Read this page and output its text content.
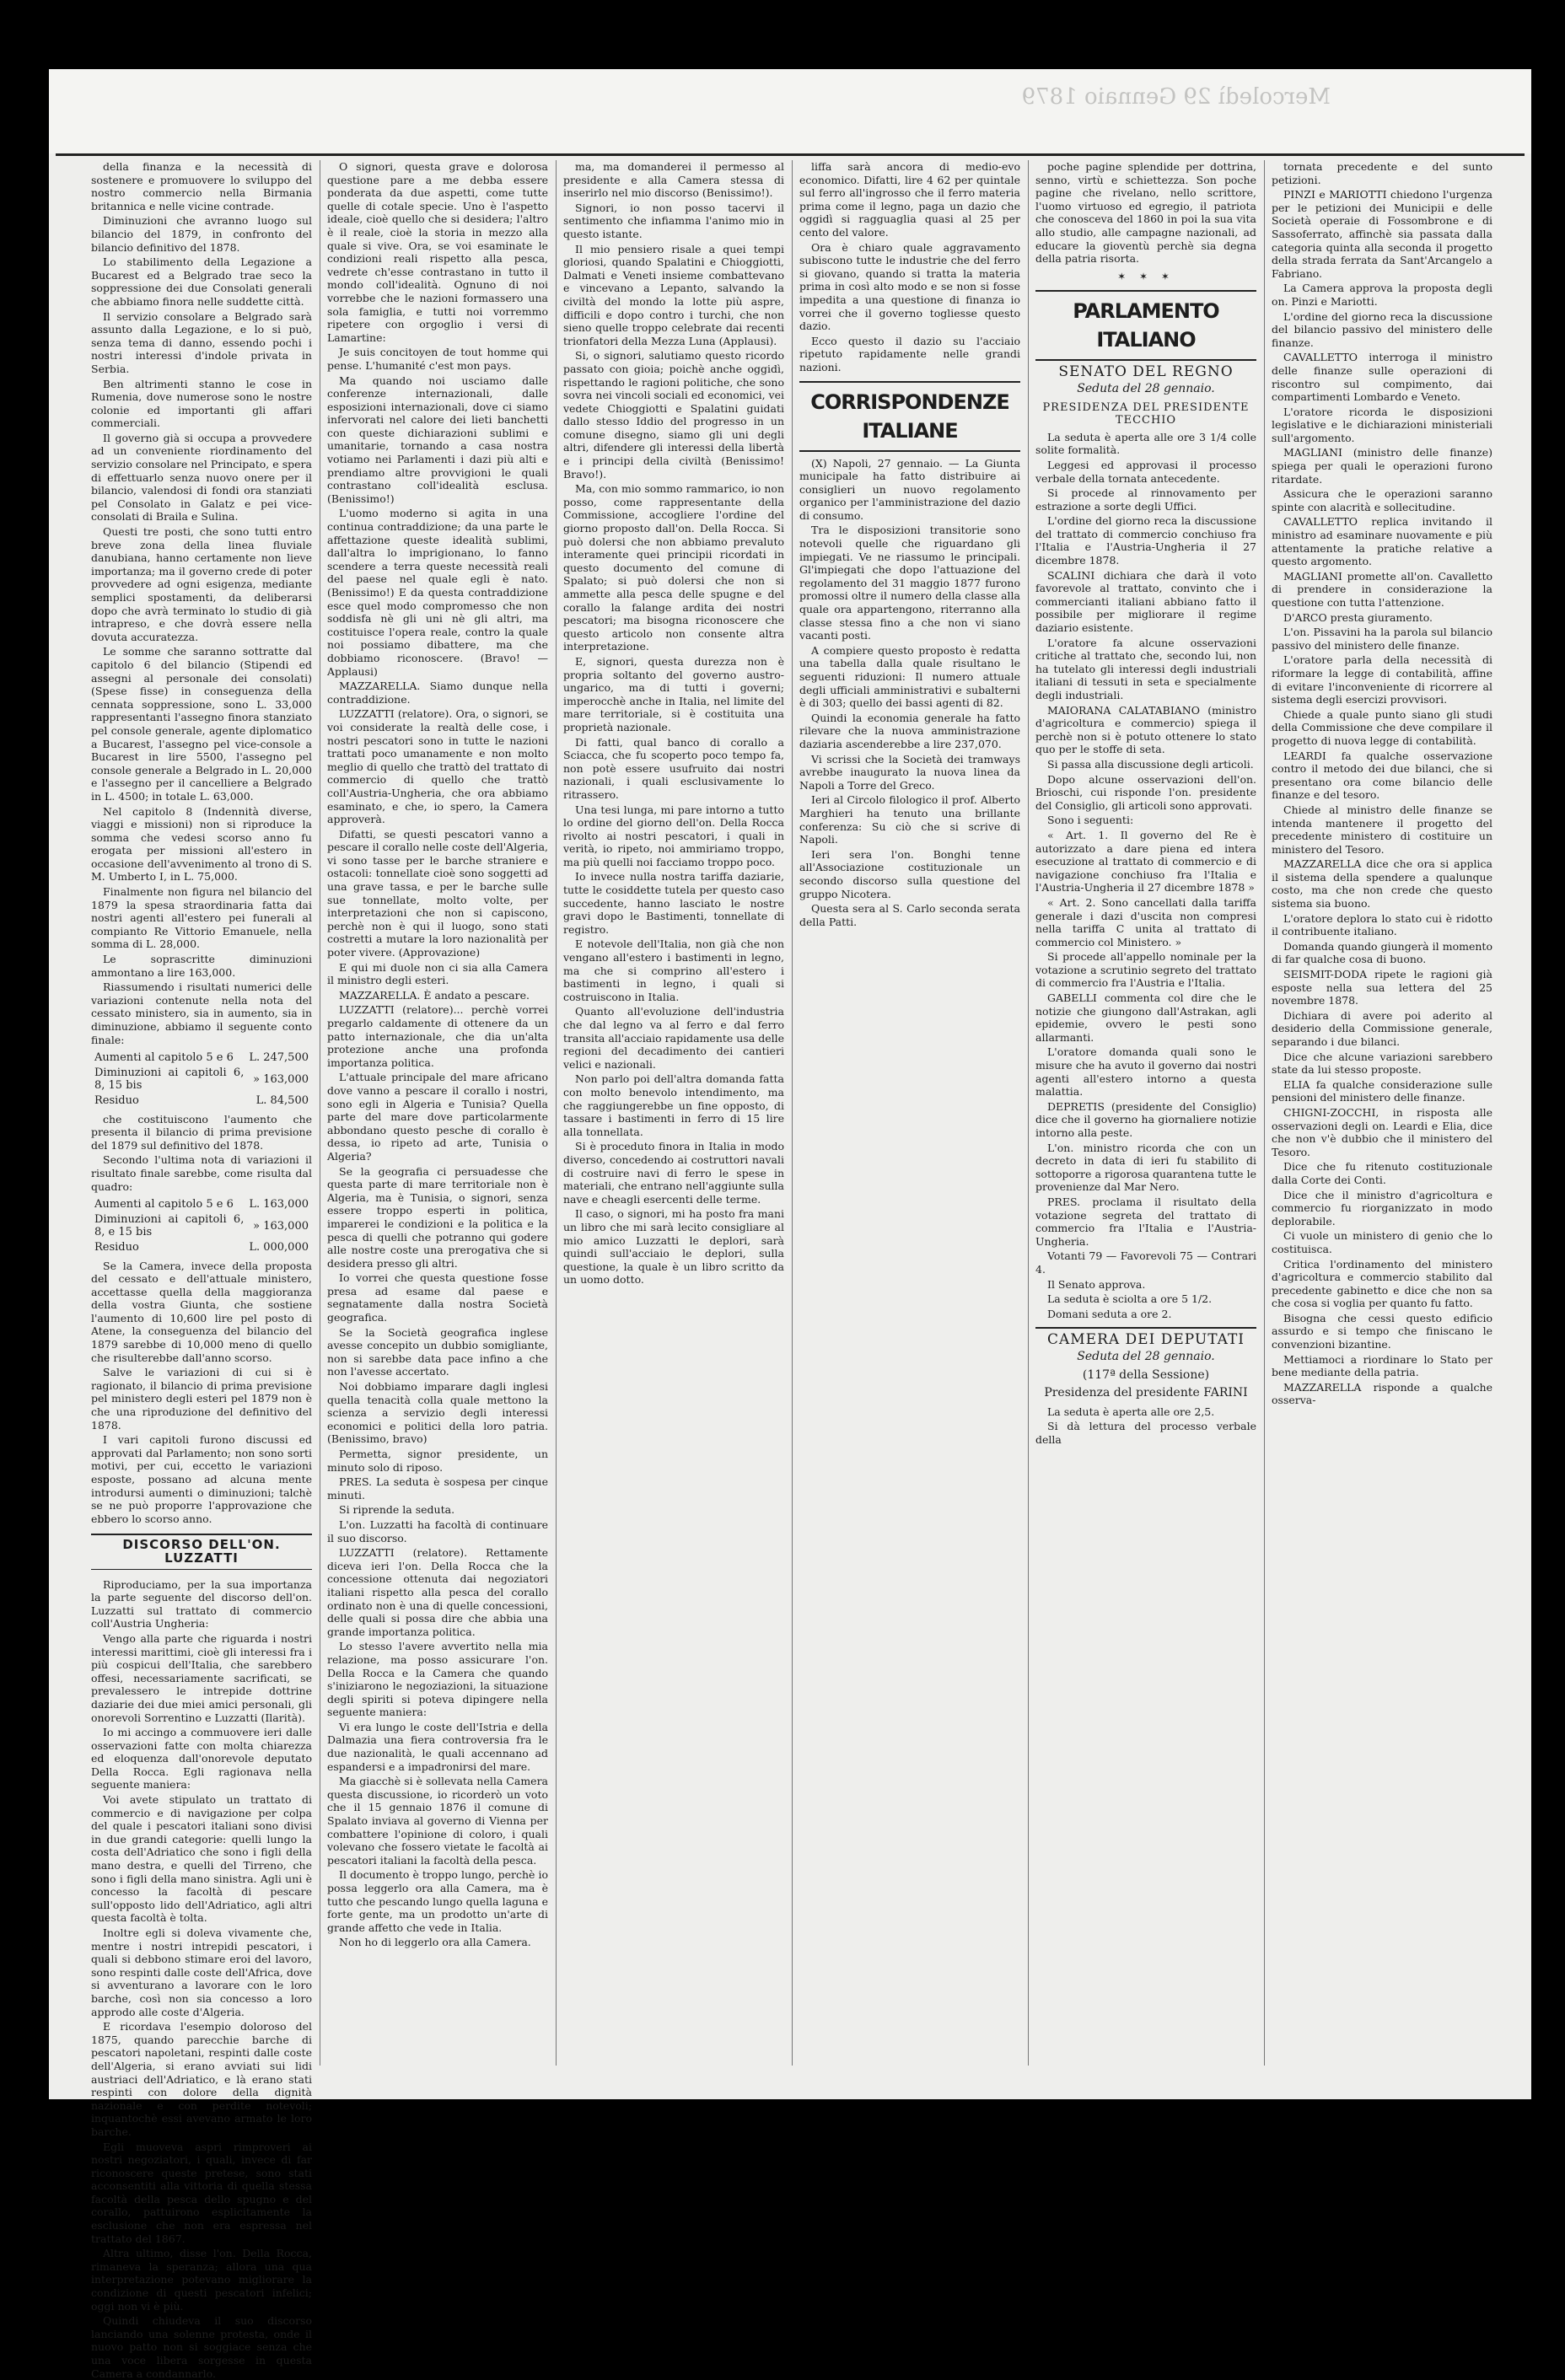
Mercoledì 29 Gennaio 1879

della finanza e la necessità di sostenere e promuovere lo sviluppo del nostro commercio nella Birmania britannica e nelle vicine contrade.

Diminuzioni che avranno luogo sul bilancio del 1879, in confronto del bilancio definitivo del 1878.

Lo stabilimento della Legazione a Bucarest ed a Belgrado trae seco la soppressione dei due Consolati generali che abbiamo finora nelle suddette città.

Il servizio consolare a Belgrado sarà assunto dalla Legazione, e lo si può, senza tema di danno, essendo pochi i nostri interessi d'indole privata in Serbia.

Ben altrimenti stanno le cose in Rumenia, dove numerose sono le nostre colonie ed importanti gli affari commerciali.

Il governo già si occupa a provvedere ad un conveniente riordinamento del servizio consolare nel Principato, e spera di effettuarlo senza nuovo onere per il bilancio, valendosi di fondi ora stanziati pel Consolato in Galatz e pei vice-consolati di Braila e Sulina.

Questi tre posti, che sono tutti entro breve zona della linea fluviale danubiana, hanno certamente non lieve importanza; ma il governo crede di poter provvedere ad ogni esigenza, mediante semplici spostamenti, da deliberarsi dopo che avrà terminato lo studio di già intrapreso, e che dovrà essere nella dovuta accuratezza.

Le somme che saranno sottratte dal capitolo 6 del bilancio (Stipendi ed assegni al personale dei consolati) (Spese fisse) in conseguenza della cennata soppressione, sono L. 33,000 rappresentanti l'assegno finora stanziato pel console generale, agente diplomatico a Bucarest, l'assegno pel vice-console a Bucarest in lire 5500, l'assegno pel console generale a Belgrado in L. 20,000 e l'assegno per il cancelliere a Belgrado in L. 4500; in totale L. 63,000.

Nel capitolo 8 (Indennità diverse, viaggi e missioni) non si riproduce la somma che vedesi scorso anno fu erogata per missioni all'estero in occasione dell'avvenimento al trono di S. M. Umberto I, in L. 75,000.

Finalmente non figura nel bilancio del 1879 la spesa straordinaria fatta dai nostri agenti all'estero pei funerali al compianto Re Vittorio Emanuele, nella somma di L. 28,000.

Le soprascritte diminuzioni ammontano a lire 163,000.

Riassumendo i risultati numerici delle variazioni contenute nella nota del cessato ministero, sia in aumento, sia in diminuzione, abbiamo il seguente conto finale:

Aumenti al capitolo 5 e 6	L. 247,500
Diminuzioni ai capitoli 6, 8, 15 bis	» 163,000
Residuo	L. 84,500

che costituiscono l'aumento che presenta il bilancio di prima previsione del 1879 sul definitivo del 1878.

Secondo l'ultima nota di variazioni il risultato finale sarebbe, come risulta dal quadro:

Aumenti al capitolo 5 e 6	L. 163,000
Diminuzioni ai capitoli 6, 8, e 15 bis	» 163,000
Residuo	L. 000,000

Se la Camera, invece della proposta del cessato e dell'attuale ministero, accettasse quella della maggioranza della vostra Giunta, che sostiene l'aumento di 10,600 lire pel posto di Atene, la conseguenza del bilancio del 1879 sarebbe di 10,000 meno di quello che risulterebbe dall'anno scorso.

Salve le variazioni di cui si è ragionato, il bilancio di prima previsione pel ministero degli esteri pel 1879 non è che una riproduzione del definitivo del 1878.

I vari capitoli furono discussi ed approvati dal Parlamento; non sono sorti motivi, per cui, eccetto le variazioni esposte, possano ad alcuna mente introdursi aumenti o diminuzioni; talchè se ne può proporre l'approvazione che ebbero lo scorso anno.

DISCORSO DELL'ON. LUZZATTI

Riproduciamo, per la sua importanza la parte seguente del discorso dell'on. Luzzatti sul trattato di commercio coll'Austria Ungheria:

Vengo alla parte che riguarda i nostri interessi marittimi, cioè gli interessi fra i più cospicui dell'Italia, che sarebbero offesi, necessariamente sacrificati, se prevalessero le intrepide dottrine daziarie dei due miei amici personali, gli onorevoli Sorrentino e Luzzatti (Ilarità).

Io mi accingo a commuovere ieri dalle osservazioni fatte con molta chiarezza ed eloquenza dall'onorevole deputato Della Rocca. Egli ragionava nella seguente maniera:

Voi avete stipulato un trattato di commercio e di navigazione per colpa del quale i pescatori italiani sono divisi in due grandi categorie: quelli lungo la costa dell'Adriatico che sono i figli della mano destra, e quelli del Tirreno, che sono i figli della mano sinistra. Agli uni è concesso la facoltà di pescare sull'opposto lido dell'Adriatico, agli altri questa facoltà è tolta.

Inoltre egli si doleva vivamente che, mentre i nostri intrepidi pescatori, i quali si debbono stimare eroi del lavoro, sono respinti dalle coste dell'Africa, dove si avventurano a lavorare con le loro barche, così non sia concesso a loro approdo alle coste d'Algeria.

E ricordava l'esempio doloroso del 1875, quando parecchie barche di pescatori napoletani, respinti dalle coste dell'Algeria, si erano avviati sui lidi austriaci dell'Adriatico, e là erano stati respinti con dolore della dignità nazionale e con perdite notevoli; inquantochè essi avevano armato le loro barche.

Egli muoveva aspri rimproveri ai nostri negoziatori, i quali, invece di far riconoscere queste pretese, sono stati acconsentiti alla vittoria di quella stessa facoltà della pesca dello spugno e del corallo, pattuirono esplicitamente la esclusione che non era espressa nel trattato del 1867.

Altra ultimo, disse l'on. Della Rocca, rimaneva la speranza; allora una qua interpretazione potevano migliorare la condizione di questi pescatori infelici; oggi non vi è più.

Quindi chiudeva il suo discorso lanciando una solenne protesta, onde il nuovo patto non si soggiace senza che una voce libera sorgesse in questa Camera a condannarlo.

O signori, questa grave e dolorosa questione pare a me debba essere ponderata da due aspetti, come tutte quelle di cotale specie. Uno è l'aspetto ideale, cioè quello che si desidera; l'altro è il reale, cioè la storia in mezzo alla quale si vive. Ora, se voi esaminate le condizioni reali rispetto alla pesca, vedrete ch'esse contrastano in tutto il mondo coll'idealità. Ognuno di noi vorrebbe che le nazioni formassero una sola famiglia, e tutti noi vorremmo ripetere con orgoglio i versi di Lamartine:

Je suis concitoyen de tout homme qui pense. L'humanité c'est mon pays.

Ma quando noi usciamo dalle conferenze internazionali, dalle esposizioni internazionali, dove ci siamo infervorati nel calore dei lieti banchetti con queste dichiarazioni sublimi e umanitarie, tornando a casa nostra votiamo nei Parlamenti i dazi più alti e prendiamo altre provvigioni le quali contrastano coll'idealità esclusa. (Benissimo!)

L'uomo moderno si agita in una continua contraddizione; da una parte le affettazione queste idealità sublimi, dall'altra lo imprigionano, lo fanno scendere a terra queste necessità reali del paese nel quale egli è nato. (Benissimo!) E da questa contraddizione esce quel modo compromesso che non soddisfa nè gli uni nè gli altri, ma costituisce l'opera reale, contro la quale noi possiamo dibattere, ma che dobbiamo riconoscere. (Bravo! — Applausi)

MAZZARELLA. Siamo dunque nella contraddizione.

LUZZATTI (relatore). Ora, o signori, se voi considerate la realtà delle cose, i nostri pescatori sono in tutte le nazioni trattati poco umanamente e non molto meglio di quello che trattò del trattato di commercio di quello che trattò coll'Austria-Ungheria, che ora abbiamo esaminato, e che, io spero, la Camera approverà.

Difatti, se questi pescatori vanno a pescare il corallo nelle coste dell'Algeria, vi sono tasse per le barche straniere e ostacoli: tonnellate cioè sono soggetti ad una grave tassa, e per le barche sulle sue tonnellate, molto volte, per interpretazioni che non si capiscono, perchè non è qui il luogo, sono stati costretti a mutare la loro nazionalità per poter vivere. (Approvazione)

E qui mi duole non ci sia alla Camera il ministro degli esteri.

MAZZARELLA. È andato a pescare.

LUZZATTI (relatore)... perchè vorrei pregarlo caldamente di ottenere da un patto internazionale, che dia un'alta protezione anche una profonda importanza politica.

L'attuale principale del mare africano dove vanno a pescare il corallo i nostri, sono egli in Algeria e Tunisia? Quella parte del mare dove particolarmente abbondano questo pesche di corallo è dessa, io ripeto ad arte, Tunisia o Algeria?

Se la geografia ci persuadesse che questa parte di mare territoriale non è Algeria, ma è Tunisia, o signori, senza essere troppo esperti in politica, imparerei le condizioni e la politica e la pesca di quelli che potranno qui godere alle nostre coste una prerogativa che si desidera presso gli altri.

Io vorrei che questa questione fosse presa ad esame dal paese e segnatamente dalla nostra Società geografica.

Se la Società geografica inglese avesse concepito un dubbio somigliante, non si sarebbe data pace infino a che non l'avesse accertato.

Noi dobbiamo imparare dagli inglesi quella tenacità colla quale mettono la scienza a servizio degli interessi economici e politici della loro patria. (Benissimo, bravo)

Permetta, signor presidente, un minuto solo di riposo.

PRES. La seduta è sospesa per cinque minuti.

Si riprende la seduta.

L'on. Luzzatti ha facoltà di continuare il suo discorso.

LUZZATTI (relatore). Rettamente diceva ieri l'on. Della Rocca che la concessione ottenuta dai negoziatori italiani rispetto alla pesca del corallo ordinato non è una di quelle concessioni, delle quali si possa dire che abbia una grande importanza politica.

Lo stesso l'avere avvertito nella mia relazione, ma posso assicurare l'on. Della Rocca e la Camera che quando s'iniziarono le negoziazioni, la situazione degli spiriti si poteva dipingere nella seguente maniera:

Vi era lungo le coste dell'Istria e della Dalmazia una fiera controversia fra le due nazionalità, le quali accennano ad espandersi e a impadronirsi del mare.

Ma giacchè si è sollevata nella Camera questa discussione, io ricorderò un voto che il 15 gennaio 1876 il comune di Spalato inviava al governo di Vienna per combattere l'opinione di coloro, i quali volevano che fossero vietate le facoltà ai pescatori italiani la facoltà della pesca.

Il documento è troppo lungo, perchè io possa leggerlo ora alla Camera, ma è tutto che pescando lungo quella laguna e forte gente, ma un prodotto un'arte di grande affetto che vede in Italia.

Non ho di leggerlo ora alla Camera.

ma, ma domanderei il permesso al presidente e alla Camera stessa di inserirlo nel mio discorso (Benissimo!).

Signori, io non posso tacervi il sentimento che infiamma l'animo mio in questo istante.

Il mio pensiero risale a quei tempi gloriosi, quando Spalatini e Chioggiotti, Dalmati e Veneti insieme combattevano e vincevano a Lepanto, salvando la civiltà del mondo la lotte più aspre, difficili e dopo contro i turchi, che non sieno quelle troppo celebrate dai recenti trionfatori della Mezza Luna (Applausi).

Si, o signori, salutiamo questo ricordo passato con gioia; poichè anche oggidì, rispettando le ragioni politiche, che sono sovra nei vincoli sociali ed economici, vei vedete Chioggiotti e Spalatini guidati dallo stesso Iddio del progresso in un comune disegno, siamo gli uni degli altri, difendere gli interessi della libertà e i principi della civiltà (Benissimo! Bravo!).

Ma, con mio sommo rammarico, io non posso, come rappresentante della Commissione, accogliere l'ordine del giorno proposto dall'on. Della Rocca. Si può dolersi che non abbiamo prevaluto interamente quei principii ricordati in questo documento del comune di Spalato; si può dolersi che non si ammette alla pesca delle spugne e del corallo la falange ardita dei nostri pescatori; ma bisogna riconoscere che questo articolo non consente altra interpretazione.

E, signori, questa durezza non è propria soltanto del governo austro-ungarico, ma di tutti i governi; imperocchè anche in Italia, nel limite del mare territoriale, si è costituita una proprietà nazionale.

Di fatti, qual banco di corallo a Sciacca, che fu scoperto poco tempo fa, non potè essere usufruito dai nostri nazionali, i quali esclusivamente lo ritrassero.

Una tesi lunga, mi pare intorno a tutto lo ordine del giorno dell'on. Della Rocca rivolto ai nostri pescatori, i quali in verità, io ripeto, noi ammiriamo troppo, ma più quelli noi facciamo troppo poco.

Io invece nulla nostra tariffa daziarie, tutte le cosiddette tutela per questo caso succedente, hanno lasciato le nostre gravi dopo le Bastimenti, tonnellate di registro.

E notevole dell'Italia, non già che non vengano all'estero i bastimenti in legno, ma che si comprino all'estero i bastimenti in legno, i quali si costruiscono in Italia.

Quanto all'evoluzione dell'industria che dal legno va al ferro e dal ferro transita all'acciaio rapidamente usa delle regioni del decadimento dei cantieri velici e nazionali.

Non parlo poi dell'altra domanda fatta con molto benevolo intendimento, ma che raggiungerebbe un fine opposto, di tassare i bastimenti in ferro di 15 lire alla tonnellata.

Si è proceduto finora in Italia in modo diverso, concedendo ai costruttori navali di costruire navi di ferro le spese in materiali, che entrano nell'aggiunte sulla nave e cheagli esercenti delle terme.

Il caso, o signori, mi ha posto fra mani un libro che mi sarà lecito consigliare al mio amico Luzzatti le deplori, sarà quindi sull'acciaio le deplori, sulla questione, la quale è un libro scritto da un uomo dotto.

liffa sarà ancora di medio-evo economico. Difatti, lire 4 62 per quintale sul ferro all'ingrosso che il ferro materia prima come il legno, paga un dazio che oggidì si ragguaglia quasi al 25 per cento del valore.

Ora è chiaro quale aggravamento subiscono tutte le industrie che del ferro si giovano, quando si tratta la materia prima in così alto modo e se non si fosse impedita a una questione di finanza io vorrei che il governo togliesse questo dazio.

Ecco questo il dazio su l'acciaio ripetuto rapidamente nelle grandi nazioni.

CORRISPONDENZE ITALIANE

(X) Napoli, 27 gennaio. — La Giunta municipale ha fatto distribuire ai consiglieri un nuovo regolamento organico per l'amministrazione del dazio di consumo.

Tra le disposizioni transitorie sono notevoli quelle che riguardano gli impiegati. Ve ne riassumo le principali. Gl'impiegati che dopo l'attuazione del regolamento del 31 maggio 1877 furono promossi oltre il numero della classe alla quale ora appartengono, riterranno alla classe stessa fino a che non vi siano vacanti posti.

A compiere questo proposto è redatta una tabella dalla quale risultano le seguenti riduzioni: Il numero attuale degli ufficiali amministrativi e subalterni è di 303; quello dei bassi agenti di 82.

Quindi la economia generale ha fatto rilevare che la nuova amministrazione daziaria ascenderebbe a lire 237,070.

Vi scrissi che la Società dei tramways avrebbe inaugurato la nuova linea da Napoli a Torre del Greco.

Ieri al Circolo filologico il prof. Alberto Marghieri ha tenuto una brillante conferenza: Su ciò che si scrive di Napoli.

Ieri sera l'on. Bonghi tenne all'Associazione costituzionale un secondo discorso sulla questione del gruppo Nicotera.

Questa sera al S. Carlo seconda serata della Patti.

poche pagine splendide per dottrina, senno, virtù e schiettezza. Son poche pagine che rivelano, nello scrittore, l'uomo virtuoso ed egregio, il patriota che conosceva del 1860 in poi la sua vita allo studio, alle campagne nazionali, ad educare la gioventù perchè sia degna della patria risorta.

✶ ✶ ✶
PARLAMENTO ITALIANO
SENATO DEL REGNO
Seduta del 28 gennaio.
PRESIDENZA DEL PRESIDENTE TECCHIO

La seduta è aperta alle ore 3 1/4 colle solite formalità.

Leggesi ed approvasi il processo verbale della tornata antecedente.

Si procede al rinnovamento per estrazione a sorte degli Uffici.

L'ordine del giorno reca la discussione del trattato di commercio conchiuso fra l'Italia e l'Austria-Ungheria il 27 dicembre 1878.

SCALINI dichiara che darà il voto favorevole al trattato, convinto che i commercianti italiani abbiano fatto il possibile per migliorare il regime daziario esistente.

L'oratore fa alcune osservazioni critiche al trattato che, secondo lui, non ha tutelato gli interessi degli industriali italiani di tessuti in seta e specialmente degli industriali.

MAIORANA CALATABIANO (ministro d'agricoltura e commercio) spiega il perchè non si è potuto ottenere lo stato quo per le stoffe di seta.

Si passa alla discussione degli articoli.

Dopo alcune osservazioni dell'on. Brioschi, cui risponde l'on. presidente del Consiglio, gli articoli sono approvati.

Sono i seguenti:

« Art. 1. Il governo del Re è autorizzato a dare piena ed intera esecuzione al trattato di commercio e di navigazione conchiuso fra l'Italia e l'Austria-Ungheria il 27 dicembre 1878 »

« Art. 2. Sono cancellati dalla tariffa generale i dazi d'uscita non compresi nella tariffa C unita al trattato di commercio col Ministero. »

Si procede all'appello nominale per la votazione a scrutinio segreto del trattato di commercio fra l'Austria e l'Italia.

GABELLI commenta col dire che le notizie che giungono dall'Astrakan, agli epidemie, ovvero le pesti sono allarmanti.

L'oratore domanda quali sono le misure che ha avuto il governo dai nostri agenti all'estero intorno a questa malattia.

DEPRETIS (presidente del Consiglio) dice che il governo ha giornaliere notizie intorno alla peste.

L'on. ministro ricorda che con un decreto in data di ieri fu stabilito di sottoporre a rigorosa quarantena tutte le provenienze dal Mar Nero.

PRES. proclama il risultato della votazione segreta del trattato di commercio fra l'Italia e l'Austria-Ungheria.

Votanti 79 — Favorevoli 75 — Contrari 4.

Il Senato approva.

La seduta è sciolta a ore 5 1/2.

Domani seduta a ore 2.

CAMERA DEI DEPUTATI
Seduta del 28 gennaio.
(117ª della Sessione)
Presidenza del presidente FARINI

La seduta è aperta alle ore 2,5.

Si dà lettura del processo verbale della

tornata precedente e del sunto petizioni.

PINZI e MARIOTTI chiedono l'urgenza per le petizioni dei Municipii e delle Società operaie di Fossombrone e di Sassoferrato, affinchè sia passata dalla categoria quinta alla seconda il progetto della strada ferrata da Sant'Arcangelo a Fabriano.

La Camera approva la proposta degli on. Pinzi e Mariotti.

L'ordine del giorno reca la discussione del bilancio passivo del ministero delle finanze.

CAVALLETTO interroga il ministro delle finanze sulle operazioni di riscontro sul compimento, dai compartimenti Lombardo e Veneto.

L'oratore ricorda le disposizioni legislative e le dichiarazioni ministeriali sull'argomento.

MAGLIANI (ministro delle finanze) spiega per quali le operazioni furono ritardate.

Assicura che le operazioni saranno spinte con alacrità e sollecitudine.

CAVALLETTO replica invitando il ministro ad esaminare nuovamente e più attentamente la pratiche relative a questo argomento.

MAGLIANI promette all'on. Cavalletto di prendere in considerazione la questione con tutta l'attenzione.

D'ARCO presta giuramento.

L'on. Pissavini ha la parola sul bilancio passivo del ministero delle finanze.

L'oratore parla della necessità di riformare la legge di contabilità, affine di evitare l'inconveniente di ricorrere al sistema degli esercizi provvisori.

Chiede a quale punto siano gli studi della Commissione che deve compilare il progetto di nuova legge di contabilità.

LEARDI fa qualche osservazione contro il metodo dei due bilanci, che si presentano ora come bilancio delle finanze e del tesoro.

Chiede al ministro delle finanze se intenda mantenere il progetto del precedente ministero di costituire un ministero del Tesoro.

MAZZARELLA dice che ora si applica il sistema della spendere a qualunque costo, ma che non crede che questo sistema sia buono.

L'oratore deplora lo stato cui è ridotto il contribuente italiano.

Domanda quando giungerà il momento di far qualche cosa di buono.

SEISMIT-DODA ripete le ragioni già esposte nella sua lettera del 25 novembre 1878.

Dichiara di avere poi aderito al desiderio della Commissione generale, separando i due bilanci.

Dice che alcune variazioni sarebbero state da lui stesso proposte.

ELIA fa qualche considerazione sulle pensioni del ministero delle finanze.

CHIGNI-ZOCCHI, in risposta alle osservazioni degli on. Leardi e Elia, dice che non v'è dubbio che il ministero del Tesoro.

Dice che fu ritenuto costituzionale dalla Corte dei Conti.

Dice che il ministro d'agricoltura e commercio fu riorganizzato in modo deplorabile.

Ci vuole un ministero di genio che lo costituisca.

Critica l'ordinamento del ministero d'agricoltura e commercio stabilito dal precedente gabinetto e dice che non sa che cosa si voglia per quanto fu fatto.

Bisogna che cessi questo edificio assurdo e si tempo che finiscano le convenzioni bizantine.

Mettiamoci a riordinare lo Stato per bene mediante della patria.

MAZZARELLA risponde a qualche osserva-
